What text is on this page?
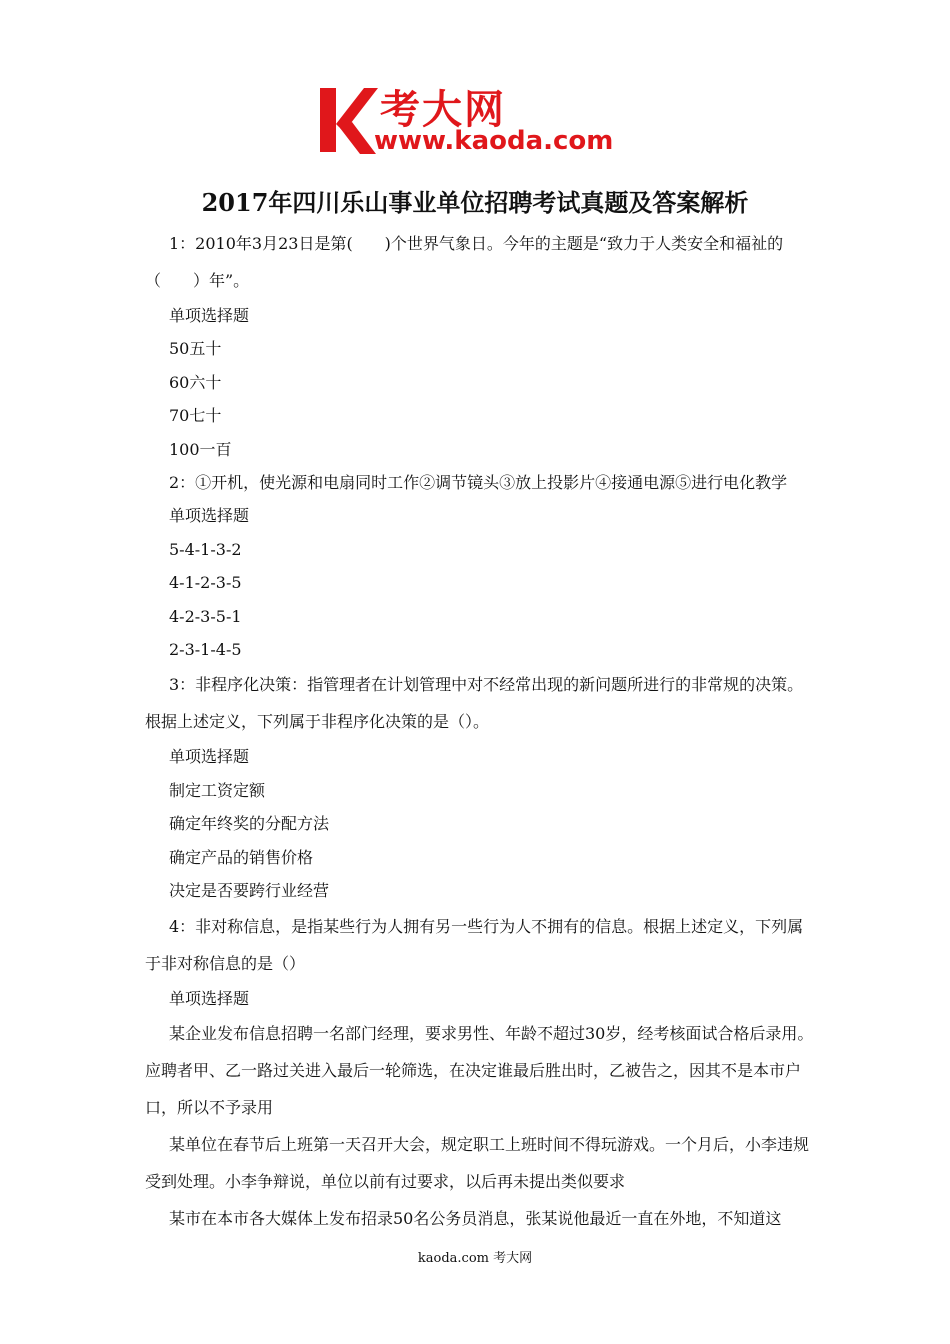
考大网
www.kaoda.com
2017年四川乐山事业单位招聘考试真题及答案解析

1：2010年3月23日是第(　　)个世界气象日。今年的主题是“致力于人类安全和福祉的（　　）年”。

单项选择题

50五十

60六十

70七十

100一百

2：①开机，使光源和电扇同时工作②调节镜头③放上投影片④接通电源⑤进行电化教学

单项选择题

5-4-1-3-2

4-1-2-3-5

4-2-3-5-1

2-3-1-4-5

3：非程序化决策：指管理者在计划管理中对不经常出现的新问题所进行的非常规的决策。根据上述定义，下列属于非程序化决策的是（）。

单项选择题

制定工资定额

确定年终奖的分配方法

确定产品的销售价格

决定是否要跨行业经营

4：非对称信息，是指某些行为人拥有另一些行为人不拥有的信息。根据上述定义，下列属于非对称信息的是（）

单项选择题

某企业发布信息招聘一名部门经理，要求男性、年龄不超过30岁，经考核面试合格后录用。应聘者甲、乙一路过关进入最后一轮筛选，在决定谁最后胜出时，乙被告之，因其不是本市户口，所以不予录用

某单位在春节后上班第一天召开大会，规定职工上班时间不得玩游戏。一个月后，小李违规受到处理。小李争辩说，单位以前有过要求，以后再未提出类似要求

某市在本市各大媒体上发布招录50名公务员消息，张某说他最近一直在外地，不知道这

kaoda.com 考大网
